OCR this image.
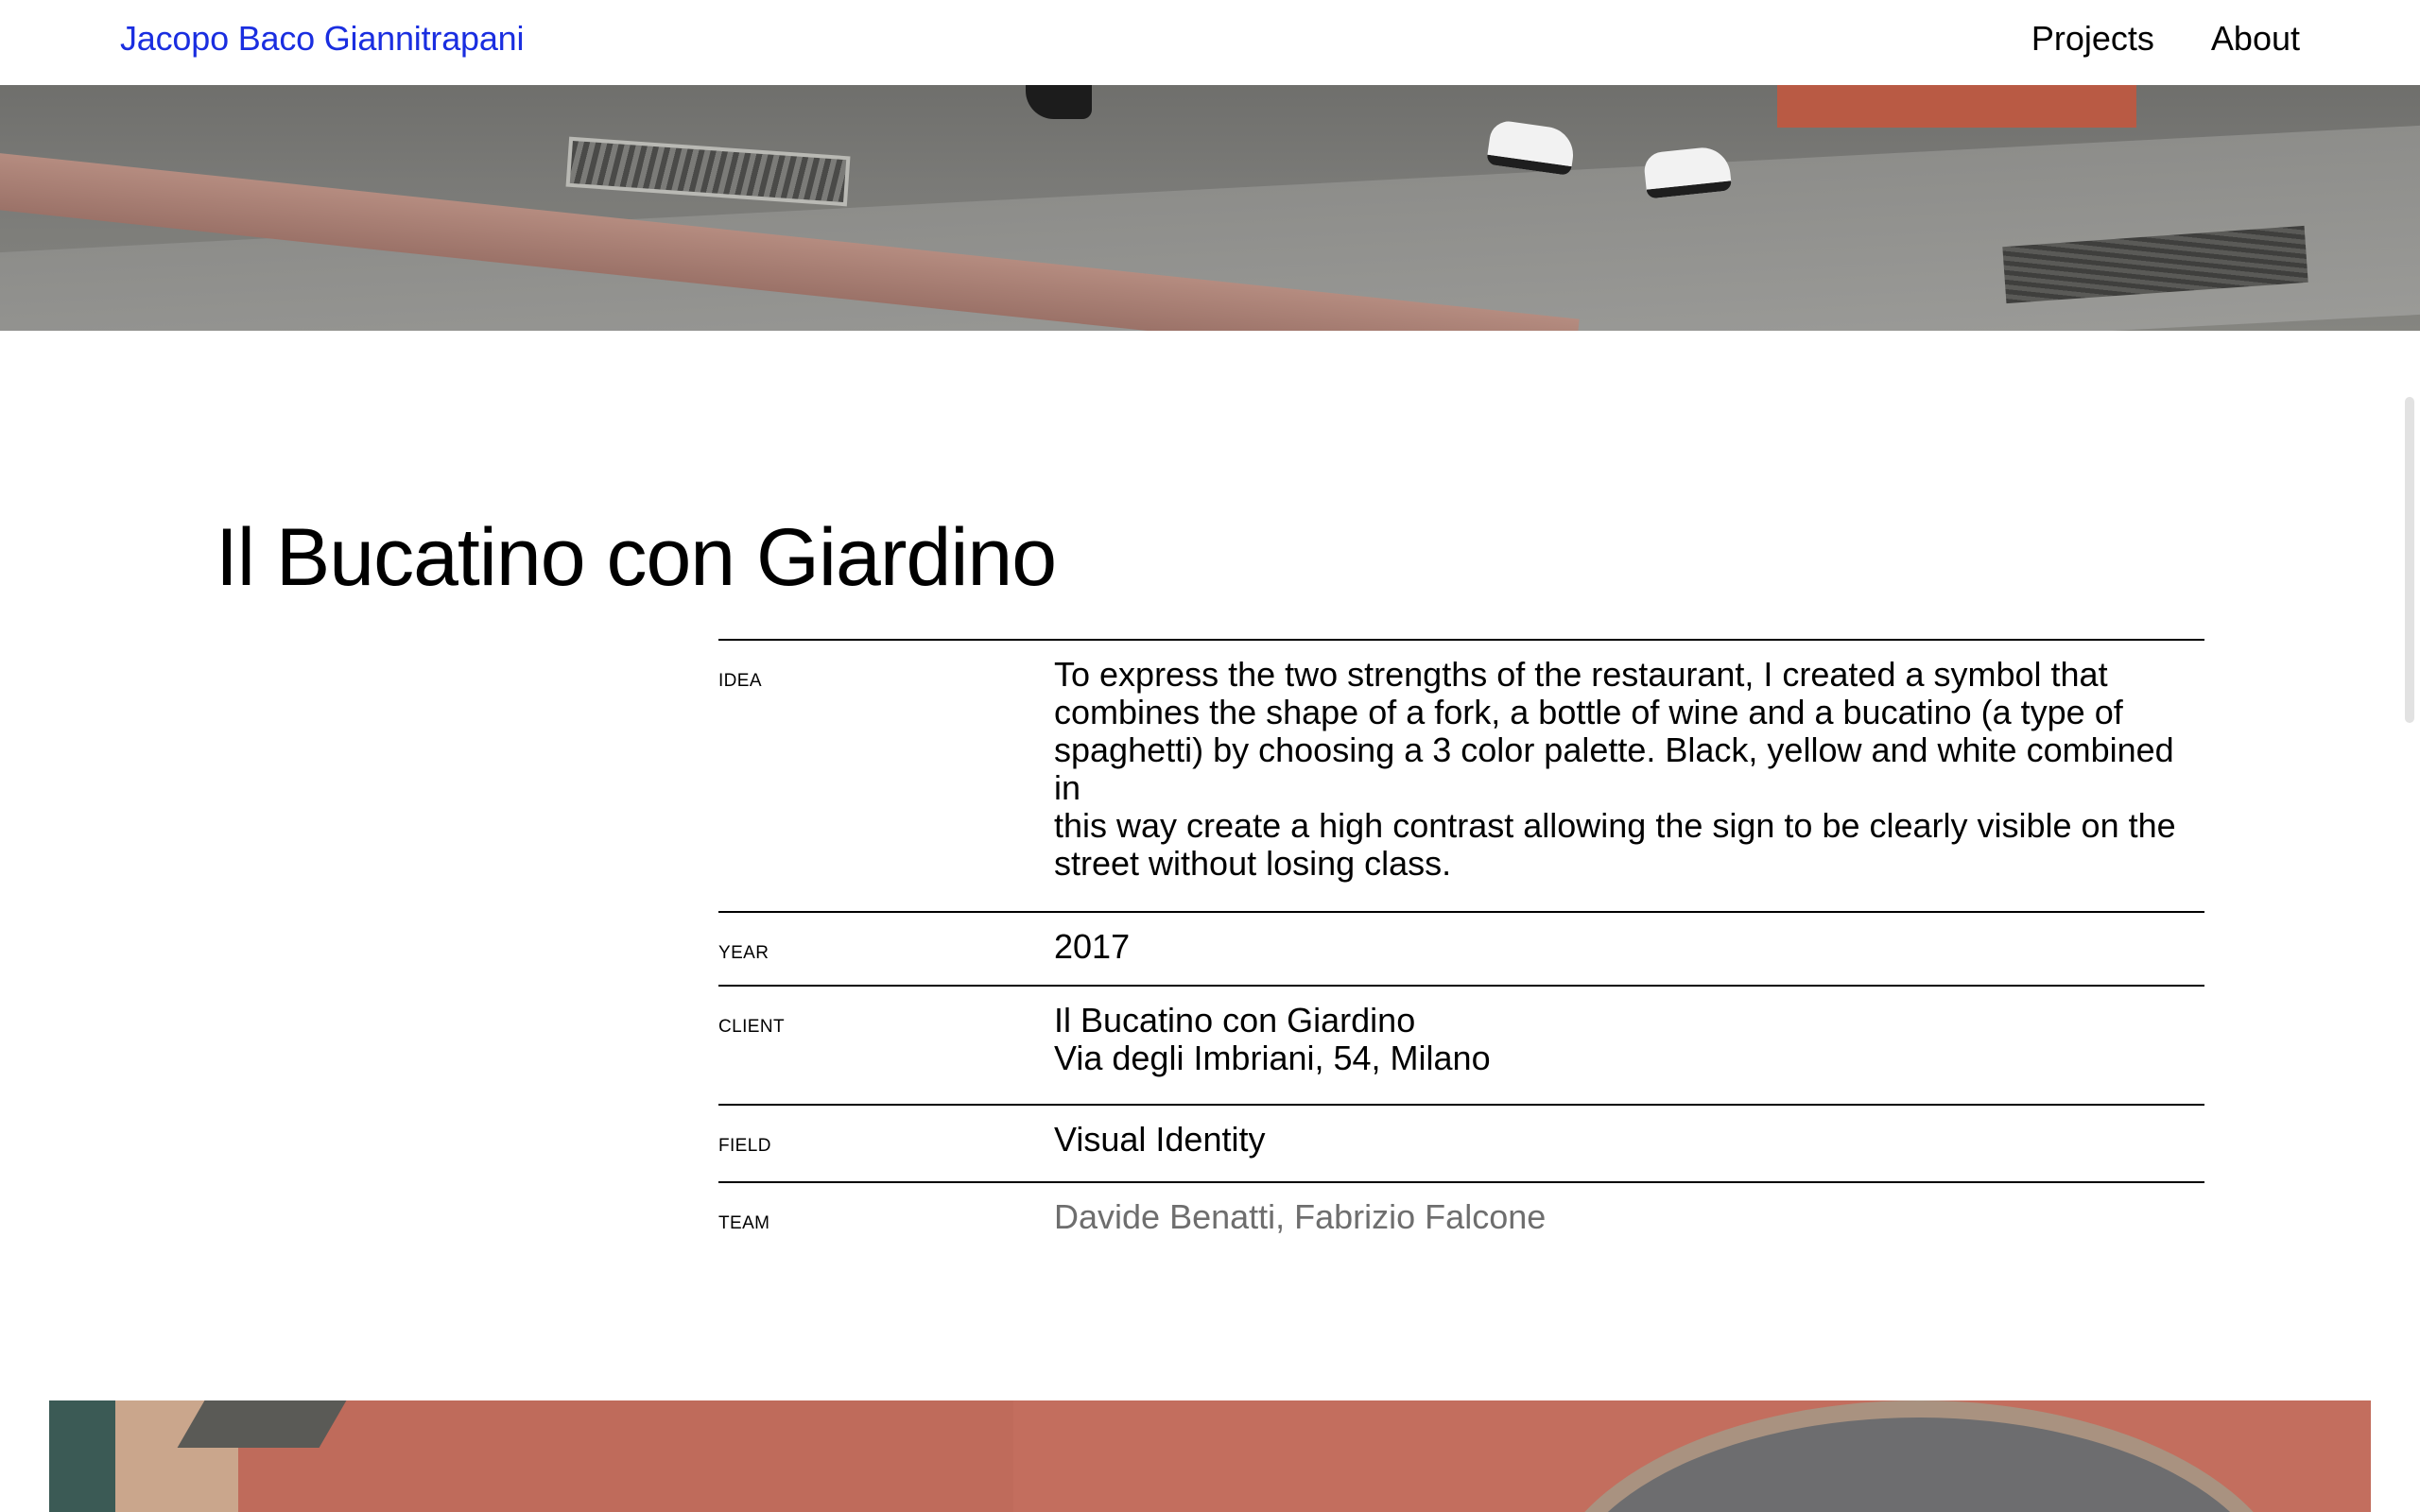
Jacopo Baco Giannitrapani	Projects About
Il Bucatino con Giardino
IDEA	To express the two strengths of the restaurant, I created a symbol that
combines the shape of a fork, a bottle of wine and a bucatino (a type of
spaghetti) by choosing a 3 color palette. Black, yellow and white combined in
this way create a high contrast allowing the sign to be clearly visible on the
street without losing class.
YEAR	2017
CLIENT	Il Bucatino con Giardino
Via degli Imbriani, 54, Milano
FIELD	Visual Identity
TEAM	Davide Benatti, Fabrizio Falcone
